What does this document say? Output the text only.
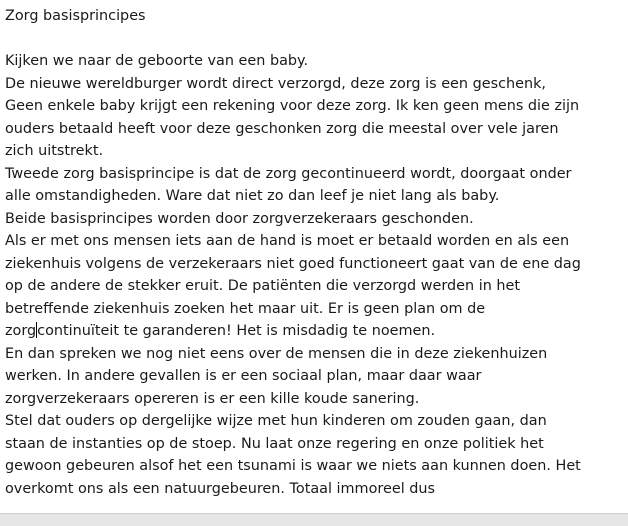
Zorg basisprincipes
Kijken we naar de geboorte van een baby.
De nieuwe wereldburger wordt direct verzorgd, deze zorg is een geschenk,
Geen enkele baby krijgt een rekening voor deze zorg. Ik ken geen mens die zijn
ouders betaald heeft voor deze geschonken zorg die meestal over vele jaren
zich uitstrekt.
Tweede zorg basisprincipe is dat de zorg gecontinueerd wordt, doorgaat onder
alle omstandigheden. Ware dat niet zo dan leef je niet lang als baby.
Beide basisprincipes worden door zorgverzekeraars geschonden.
Als er met ons mensen iets aan de hand is moet er betaald worden en als een
ziekenhuis volgens de verzekeraars niet goed functioneert gaat van de ene dag
op de andere de stekker eruit. De patiënten die verzorgd werden in het
betreffende ziekenhuis zoeken het maar uit. Er is geen plan om de
zorgcontinuïteit te garanderen! Het is misdadig te noemen.
En dan spreken we nog niet eens over de mensen die in deze ziekenhuizen
werken. In andere gevallen is er een sociaal plan, maar daar waar
zorgverzekeraars opereren is er een kille koude sanering.
Stel dat ouders op dergelijke wijze met hun kinderen om zouden gaan, dan
staan de instanties op de stoep. Nu laat onze regering en onze politiek het
gewoon gebeuren alsof het een tsunami is waar we niets aan kunnen doen. Het
overkomt ons als een natuurgebeuren. Totaal immoreel dus
